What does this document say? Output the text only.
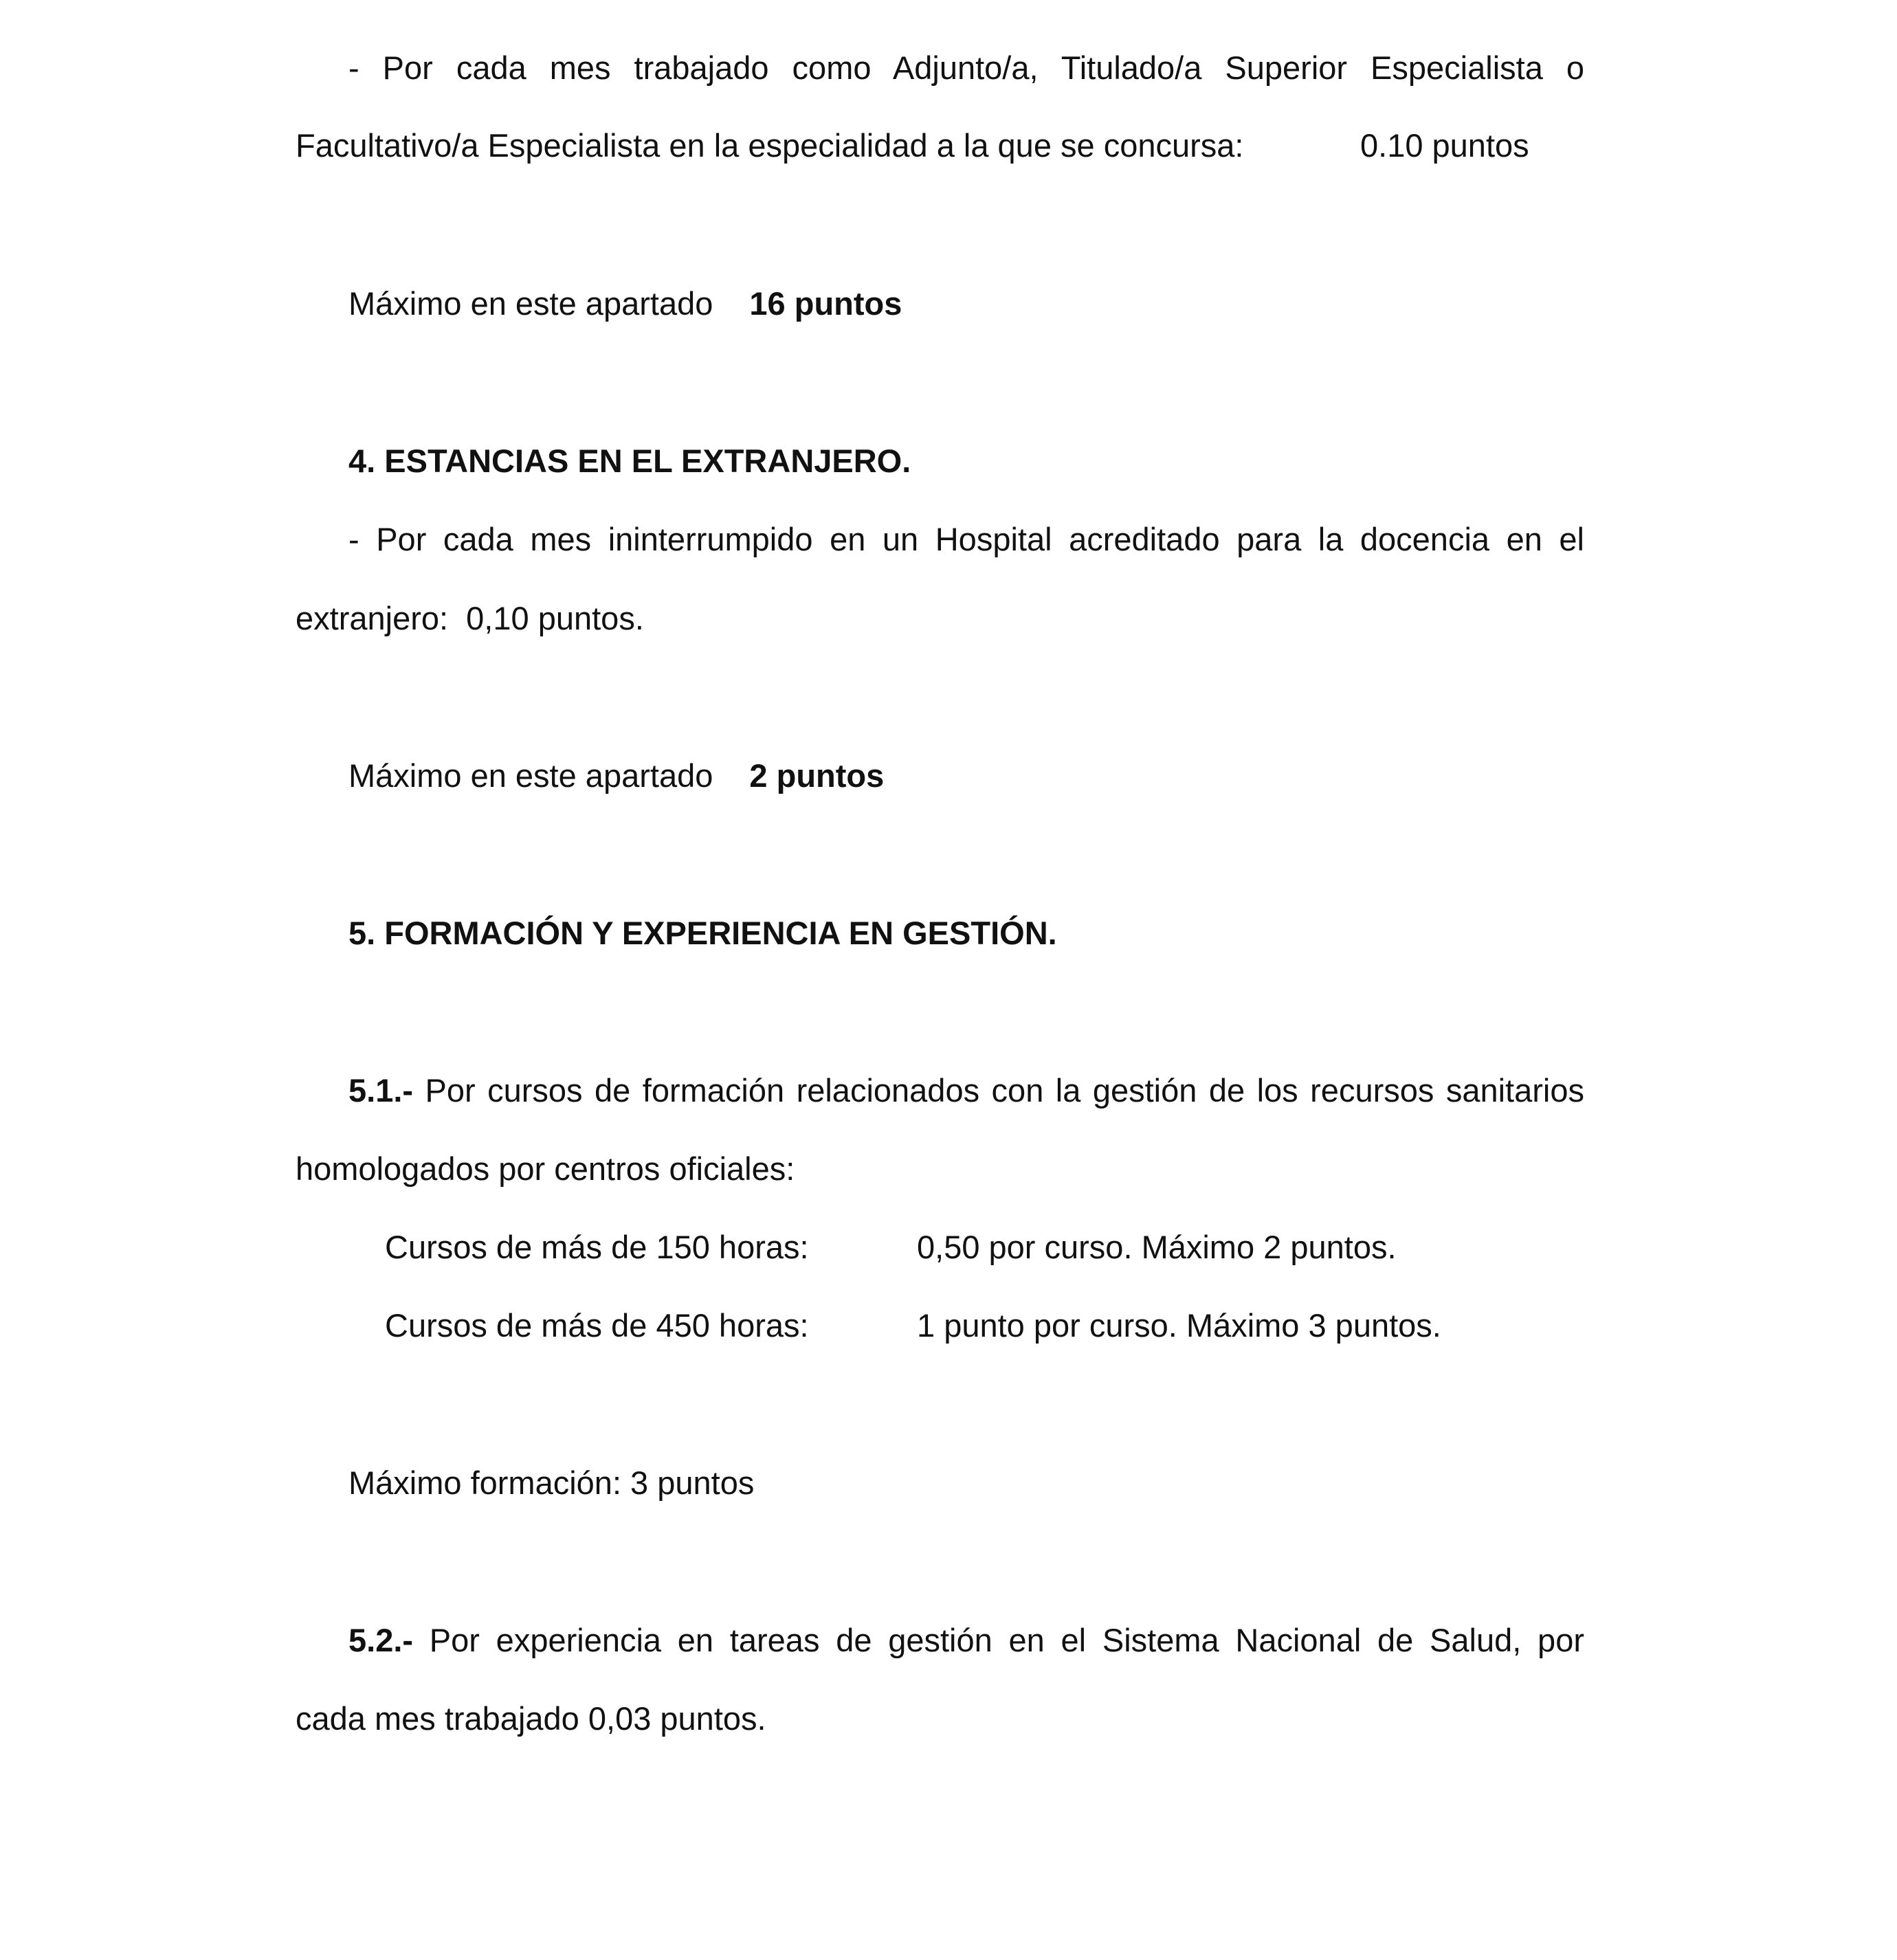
- Por cada mes trabajado como Adjunto/a, Titulado/a Superior Especialista o
Facultativo/a Especialista en la especialidad a la que se concursa:	0.10 puntos
Máximo en este apartado 16 puntos
4. ESTANCIAS EN EL EXTRANJERO.
- Por cada mes ininterrumpido en un Hospital acreditado para la docencia en el
extranjero:  0,10 puntos.
Máximo en este apartado 2 puntos
5. FORMACIÓN Y EXPERIENCIA EN GESTIÓN.
5.1.- Por cursos de formación relacionados con la gestión de los recursos sanitarios
homologados por centros oficiales:
Cursos de más de 150 horas:	0,50 por curso. Máximo 2 puntos.
Cursos de más de 450 horas:	1 punto por curso. Máximo 3 puntos.
Máximo formación: 3 puntos
5.2.- Por experiencia en tareas de gestión en el Sistema Nacional de Salud, por
cada mes trabajado 0,03 puntos.
